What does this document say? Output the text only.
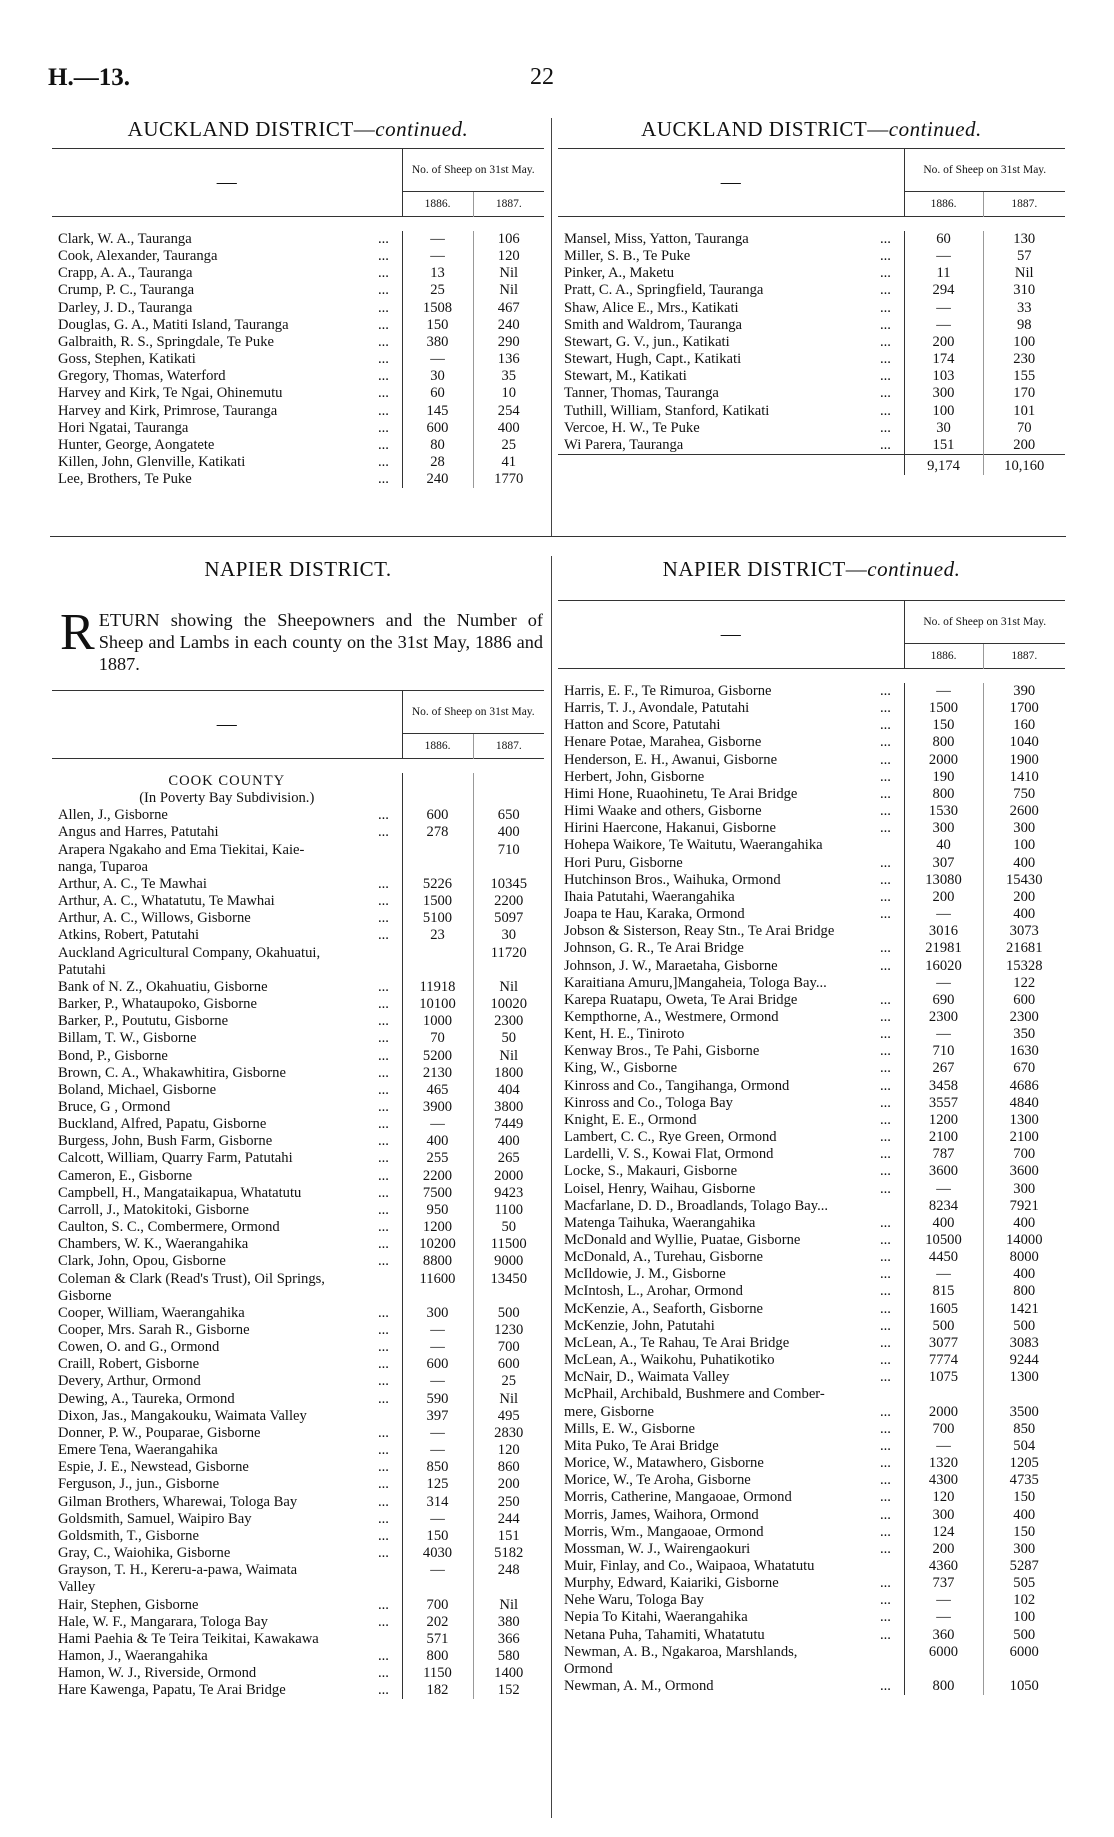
H.—13.	22
AUCKLAND DISTRICT—continued.
—	No. of Sheep on 31st May.	
	1886.	1887.
Clark, W. A., Tauranga	...	—	106
Cook, Alexander, Tauranga	...	—	120
Crapp, A. A., Tauranga	...	13	Nil
Crump, P. C., Tauranga	...	25	Nil
Darley, J. D., Tauranga	...	1508	467
Douglas, G. A., Matiti Island, Tauranga	...	150	240
Galbraith, R. S., Springdale, Te Puke	...	380	290
Goss, Stephen, Katikati	...	—	136
Gregory, Thomas, Waterford	...	30	35
Harvey and Kirk, Te Ngai, Ohinemutu	...	60	10
Harvey and Kirk, Primrose, Tauranga	...	145	254
Hori Ngatai, Tauranga	...	600	400
Hunter, George, Aongatete	...	80	25
Killen, John, Glenville, Katikati	...	28	41
Lee, Brothers, Te Puke	...	240	1770
AUCKLAND DISTRICT—continued.
—	No. of Sheep on 31st May.	
	1886.	1887.
Mansel, Miss, Yatton, Tauranga	...	60	130
Miller, S. B., Te Puke	...	—	57
Pinker, A., Maketu	...	11	Nil
Pratt, C. A., Springfield, Tauranga	...	294	310
Shaw, Alice E., Mrs., Katikati	...	—	33
Smith and Waldrom, Tauranga	...	—	98
Stewart, G. V., jun., Katikati	...	200	100
Stewart, Hugh, Capt., Katikati	...	174	230
Stewart, M., Katikati	...	103	155
Tanner, Thomas, Tauranga	...	300	170
Tuthill, William, Stanford, Katikati	...	100	101
Vercoe, H. W., Te Puke	...	30	70
Wi Parera, Tauranga	...	151	200
		9,174	10,160
NAPIER DISTRICT.
RETURN showing the Sheepowners and the Number of Sheep and Lambs in each county on the 31st May, 1886 and 1887.
—	No. of Sheep on 31st May.	
	1886.	1887.
COOK COUNTY			
(In Poverty Bay Subdivision.)			
Allen, J., Gisborne	...	600	650
Angus and Harres, Patutahi	...	278	400
Arapera Ngakaho and Ema Tiekitai, Kaie-			710
nanga, Tuparoa			
Arthur, A. C., Te Mawhai	...	5226	10345
Arthur, A. C., Whatatutu, Te Mawhai	...	1500	2200
Arthur, A. C., Willows, Gisborne	...	5100	5097
Atkins, Robert, Patutahi	...	23	30
Auckland Agricultural Company, Okahuatui,			11720
Patutahi			
Bank of N. Z., Okahuatiu, Gisborne	...	11918	Nil
Barker, P., Whataupoko, Gisborne	...	10100	10020
Barker, P., Poututu, Gisborne	...	1000	2300
Billam, T. W., Gisborne	...	70	50
Bond, P., Gisborne	...	5200	Nil
Brown, C. A., Whakawhitira, Gisborne	...	2130	1800
Boland, Michael, Gisborne	...	465	404
Bruce, G , Ormond	...	3900	3800
Buckland, Alfred, Papatu, Gisborne	...	—	7449
Burgess, John, Bush Farm, Gisborne	...	400	400
Calcott, William, Quarry Farm, Patutahi	...	255	265
Cameron, E., Gisborne	...	2200	2000
Campbell, H., Mangataikapua, Whatatutu	...	7500	9423
Carroll, J., Matokitoki, Gisborne	...	950	1100
Caulton, S. C., Combermere, Ormond	...	1200	50
Chambers, W. K., Waerangahika	...	10200	11500
Clark, John, Opou, Gisborne	...	8800	9000
Coleman & Clark (Read's Trust), Oil Springs,		11600	13450
Gisborne			
Cooper, William, Waerangahika	...	300	500
Cooper, Mrs. Sarah R., Gisborne	...	—	1230
Cowen, O. and G., Ormond	...	—	700
Craill, Robert, Gisborne	...	600	600
Devery, Arthur, Ormond	...	—	25
Dewing, A., Taureka, Ormond	...	590	Nil
Dixon, Jas., Mangakouku, Waimata Valley		397	495
Donner, P. W., Pouparae, Gisborne	...	—	2830
Emere Tena, Waerangahika	...	—	120
Espie, J. E., Newstead, Gisborne	...	850	860
Ferguson, J., jun., Gisborne	...	125	200
Gilman Brothers, Wharewai, Tologa Bay	...	314	250
Goldsmith, Samuel, Waipiro Bay	...	—	244
Goldsmith, T., Gisborne	...	150	151
Gray, C., Waiohika, Gisborne	...	4030	5182
Grayson, T. H., Kereru-a-pawa, Waimata		—	248
Valley			
Hair, Stephen, Gisborne	...	700	Nil
Hale, W. F., Mangarara, Tologa Bay	...	202	380
Hami Paehia & Te Teira Teikitai, Kawakawa		571	366
Hamon, J., Waerangahika	...	800	580
Hamon, W. J., Riverside, Ormond	...	1150	1400
Hare Kawenga, Papatu, Te Arai Bridge	...	182	152
NAPIER DISTRICT—continued.
—	No. of Sheep on 31st May.	
	1886.	1887.
Harris, E. F., Te Rimuroa, Gisborne	...	—	390
Harris, T. J., Avondale, Patutahi	...	1500	1700
Hatton and Score, Patutahi	...	150	160
Henare Potae, Marahea, Gisborne	...	800	1040
Henderson, E. H., Awanui, Gisborne	...	2000	1900
Herbert, John, Gisborne	...	190	1410
Himi Hone, Ruaohinetu, Te Arai Bridge	...	800	750
Himi Waake and others, Gisborne	...	1530	2600
Hirini Haercone, Hakanui, Gisborne	...	300	300
Hohepa Waikore, Te Waitutu, Waerangahika		40	100
Hori Puru, Gisborne	...	307	400
Hutchinson Bros., Waihuka, Ormond	...	13080	15430
Ihaia Patutahi, Waerangahika	...	200	200
Joapa te Hau, Karaka, Ormond	...	—	400
Jobson & Sisterson, Reay Stn., Te Arai Bridge		3016	3073
Johnson, G. R., Te Arai Bridge	...	21981	21681
Johnson, J. W., Maraetaha, Gisborne	...	16020	15328
Karaitiana Amuru,]Mangaheia, Tologa Bay...		—	122
Karepa Ruatapu, Oweta, Te Arai Bridge	...	690	600
Kempthorne, A., Westmere, Ormond	...	2300	2300
Kent, H. E., Tiniroto	...	—	350
Kenway Bros., Te Pahi, Gisborne	...	710	1630
King, W., Gisborne	...	267	670
Kinross and Co., Tangihanga, Ormond	...	3458	4686
Kinross and Co., Tologa Bay	...	3557	4840
Knight, E. E., Ormond	...	1200	1300
Lambert, C. C., Rye Green, Ormond	...	2100	2100
Lardelli, V. S., Kowai Flat, Ormond	...	787	700
Locke, S., Makauri, Gisborne	...	3600	3600
Loisel, Henry, Waihau, Gisborne	...	—	300
Macfarlane, D. D., Broadlands, Tolago Bay...		8234	7921
Matenga Taihuka, Waerangahika	...	400	400
McDonald and Wyllie, Puatae, Gisborne	...	10500	14000
McDonald, A., Turehau, Gisborne	...	4450	8000
McIldowie, J. M., Gisborne	...	—	400
McIntosh, L., Arohar, Ormond	...	815	800
McKenzie, A., Seaforth, Gisborne	...	1605	1421
McKenzie, John, Patutahi	...	500	500
McLean, A., Te Rahau, Te Arai Bridge	...	3077	3083
McLean, A., Waikohu, Puhatikotiko	...	7774	9244
McNair, D., Waimata Valley	...	1075	1300
McPhail, Archibald, Bushmere and Comber-			
mere, Gisborne	...	2000	3500
Mills, E. W., Gisborne	...	700	850
Mita Puko, Te Arai Bridge	...	—	504
Morice, W., Matawhero, Gisborne	...	1320	1205
Morice, W., Te Aroha, Gisborne	...	4300	4735
Morris, Catherine, Mangaoae, Ormond	...	120	150
Morris, James, Waihora, Ormond	...	300	400
Morris, Wm., Mangaoae, Ormond	...	124	150
Mossman, W. J., Wairengaokuri	...	200	300
Muir, Finlay, and Co., Waipaoa, Whatatutu		4360	5287
Murphy, Edward, Kaiariki, Gisborne	...	737	505
Nehe Waru, Tologa Bay	...	—	102
Nepia To Kitahi, Waerangahika	...	—	100
Netana Puha, Tahamiti, Whatatutu	...	360	500
Newman, A. B., Ngakaroa, Marshlands,		6000	6000
Ormond			
Newman, A. M., Ormond	...	800	1050
